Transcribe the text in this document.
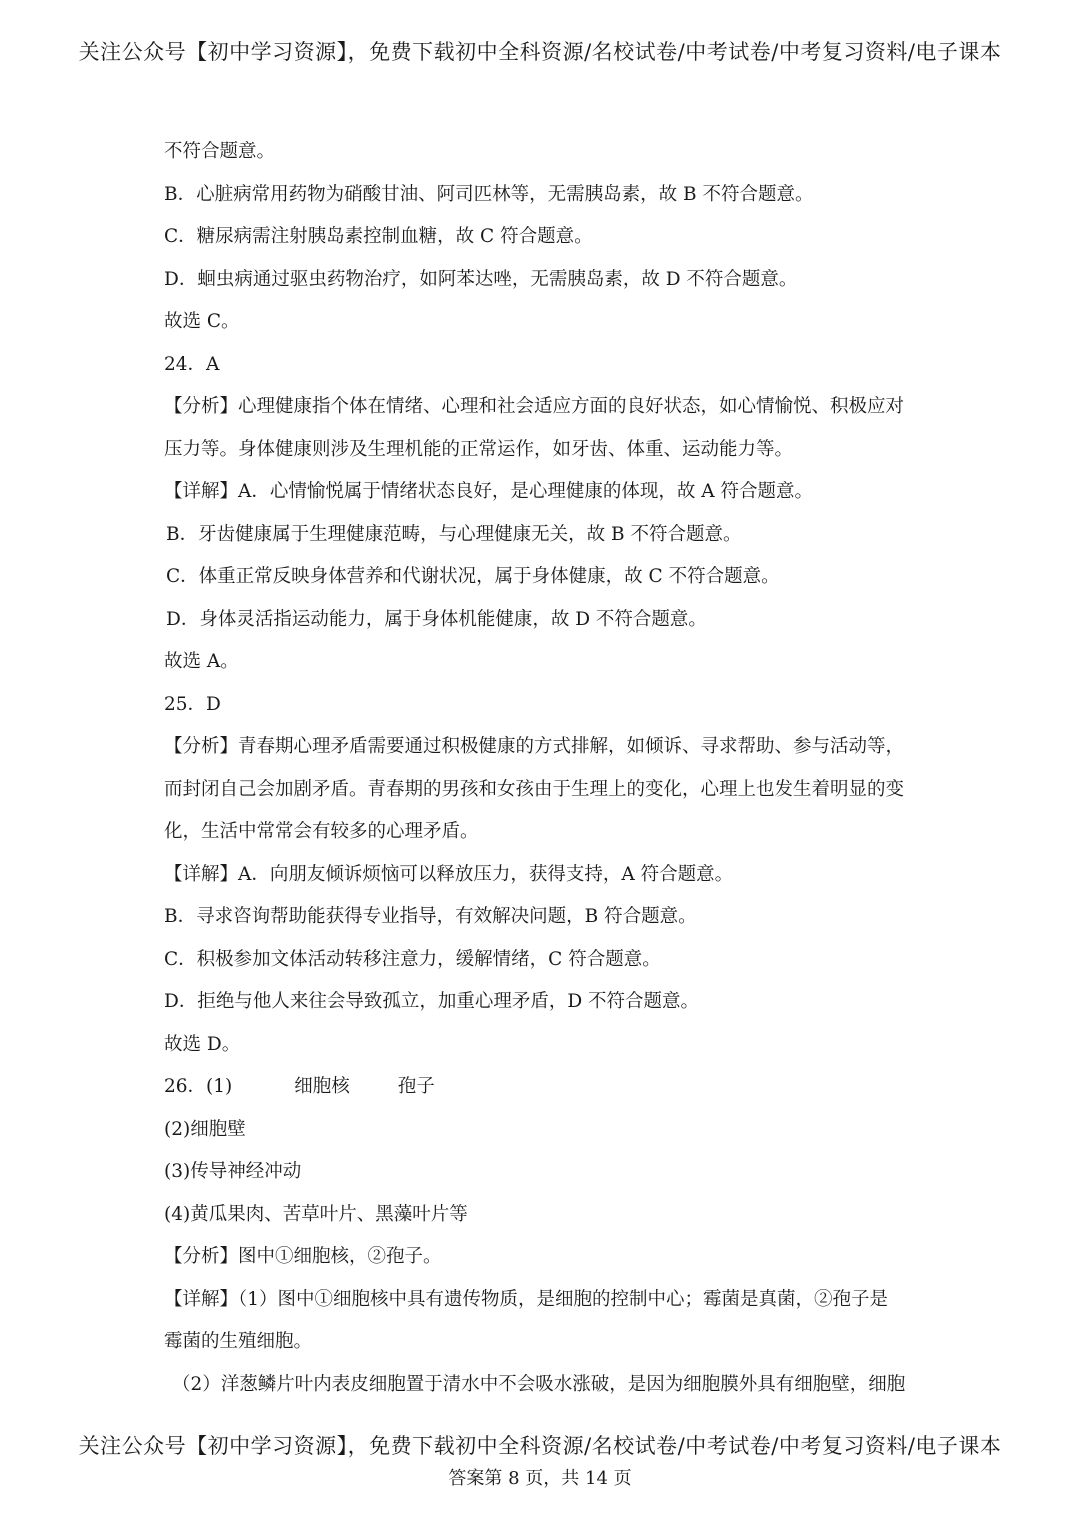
关注公众号【初中学习资源】，免费下载初中全科资源/名校试卷/中考试卷/中考复习资料/电子课本
不符合题意。
B．心脏病常用药物为硝酸甘油、阿司匹林等，无需胰岛素，故 B 不符合题意。
C．糖尿病需注射胰岛素控制血糖，故 C 符合题意。
D．蛔虫病通过驱虫药物治疗，如阿苯达唑，无需胰岛素，故 D 不符合题意。
故选 C。
24．A
【分析】心理健康指个体在情绪、心理和社会适应方面的良好状态，如心情愉悦、积极应对
压力等。身体健康则涉及生理机能的正常运作，如牙齿、体重、运动能力等。
【详解】A．心情愉悦属于情绪状态良好，是心理健康的体现，故 A 符合题意。
B．牙齿健康属于生理健康范畴，与心理健康无关，故 B 不符合题意。
C．体重正常反映身体营养和代谢状况，属于身体健康，故 C 不符合题意。
D．身体灵活指运动能力，属于身体机能健康，故 D 不符合题意。
故选 A。
25．D
【分析】青春期心理矛盾需要通过积极健康的方式排解，如倾诉、寻求帮助、参与活动等，
而封闭自己会加剧矛盾。青春期的男孩和女孩由于生理上的变化，心理上也发生着明显的变
化，生活中常常会有较多的心理矛盾。
【详解】A．向朋友倾诉烦恼可以释放压力，获得支持，A 符合题意。
B．寻求咨询帮助能获得专业指导，有效解决问题，B 符合题意。
C．积极参加文体活动转移注意力，缓解情绪，C 符合题意。
D．拒绝与他人来往会导致孤立，加重心理矛盾，D 不符合题意。
故选 D。
26．(1)	细胞核	孢子
(2)细胞壁
(3)传导神经冲动
(4)黄瓜果肉、苦草叶片、黑藻叶片等
【分析】图中①细胞核，②孢子。
【详解】（1）图中①细胞核中具有遗传物质，是细胞的控制中心；霉菌是真菌，②孢子是
霉菌的生殖细胞。
（2）洋葱鳞片叶内表皮细胞置于清水中不会吸水涨破，是因为细胞膜外具有细胞壁，细胞
关注公众号【初中学习资源】，免费下载初中全科资源/名校试卷/中考试卷/中考复习资料/电子课本
答案第 8 页，共 14 页
